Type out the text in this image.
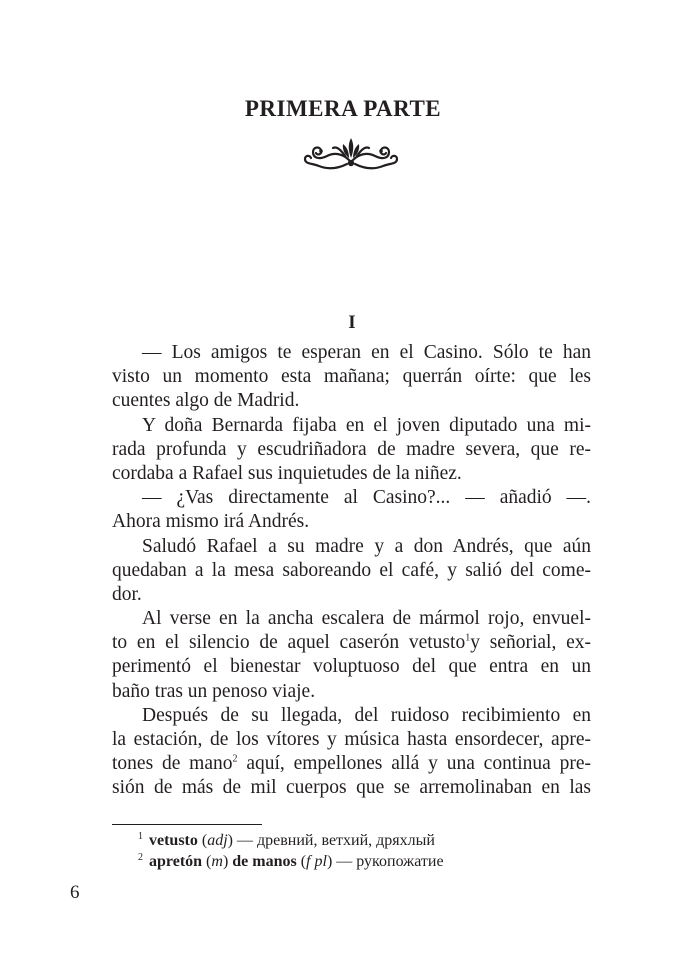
PRIMERA PARTE
I
— Los amigos te esperan en el Casino. Sólo te han
visto un momento esta mañana; querrán oírte: que les
cuentes algo de Madrid.
Y doña Bernarda fijaba en el joven diputado una mi-
rada profunda y escudriñadora de madre severa, que re-
cordaba a Rafael sus inquietudes de la niñez.
— ¿Vas directamente al Casino?... — añadió —.
Ahora mismo irá Andrés.
Saludó Rafael a su madre y a don Andrés, que aún
quedaban a la mesa saboreando el café, y salió del come-
dor.
Al verse en la ancha escalera de mármol rojo, envuel-
to en el silencio de aquel caserón vetusto$^1$y señorial, ex-
perimentó el bienestar voluptuoso del que entra en un
baño tras un penoso viaje.
Después de su llegada, del ruidoso recibimiento en
la estación, de los vítores y música hasta ensordecer, apre-
tones de mano$^2$ aquí, empellones allá y una continua pre-
sión de más de mil cuerpos que se arremolinaban en las
$^1$ vetusto (adj) — древний, ветхий, дряхлый
$^2$ apretón (m) de manos (f pl) — рукопожатие
6
